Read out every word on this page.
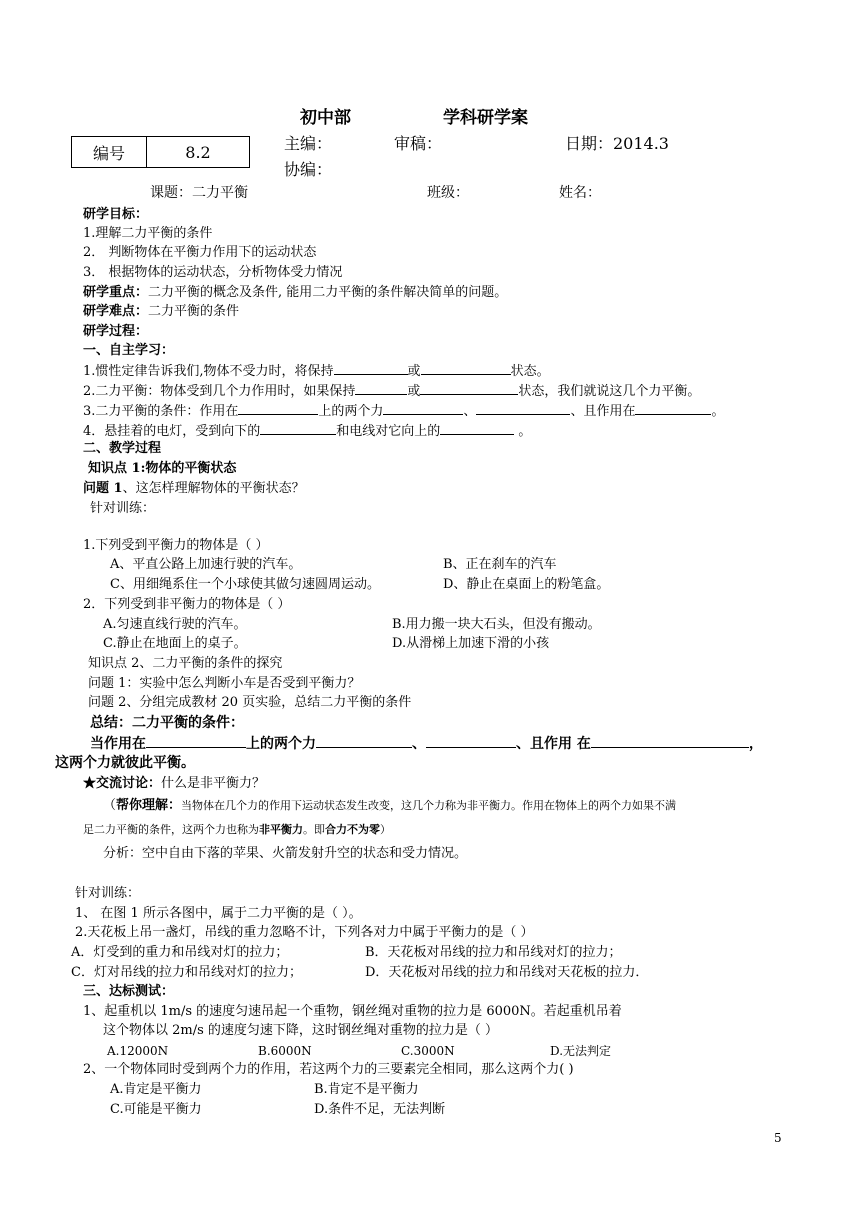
初中部	学科研学案
编号	8.2	主编：	审稿：	日期：2014.3
协编：
课题：二力平衡	班级：	姓名：
研学目标：
1.理解二力平衡的条件
2． 判断物体在平衡力作用下的运动状态
3． 根据物体的运动状态，分析物体受力情况
研学重点：二力平衡的概念及条件, 能用二力平衡的条件解决简单的问题。
研学难点：二力平衡的条件
研学过程：
一、自主学习：
1.惯性定律告诉我们,物体不受力时，将保持	或	状态。
2.二力平衡：物体受到几个力作用时，如果保持	或	状态，我们就说这几个力平衡。
3.二力平衡的条件：作用在	上的两个力	、	、且作用在	。
4．悬挂着的电灯，受到向下的	和电线对它向上的	。
二、教学过程
知识点 1:物体的平衡状态
问题 1、这怎样理解物体的平衡状态？
针对训练：
1.下列受到平衡力的物体是（ ）
A、平直公路上加速行驶的汽车。	B、正在刹车的汽车
C、用细绳系住一个小球使其做匀速圆周运动。	D、静止在桌面上的粉笔盒。
2．下列受到非平衡力的物体是（ ）
A.匀速直线行驶的汽车。	B.用力搬一块大石头，但没有搬动。
C.静止在地面上的桌子。	D.从滑梯上加速下滑的小孩
知识点 2、二力平衡的条件的探究
问题 1：实验中怎么判断小车是否受到平衡力？
问题 2、分组完成教材 20 页实验，总结二力平衡的条件
总结：二力平衡的条件：
当作用在	上的两个力	、	、且作用 在	，
这两个力就彼此平衡。
★交流讨论：什么是非平衡力？
（帮你理解：当物体在几个力的作用下运动状态发生改变，这几个力称为非平衡力。作用在物体上的两个力如果不满
足二力平衡的条件，这两个力也称为非平衡力。即合力不为零）
分析：空中自由下落的苹果、火箭发射升空的状态和受力情况。
针对训练：
1、 在图 1 所示各图中，属于二力平衡的是（ ）。
2.天花板上吊一盏灯，吊线的重力忽略不计，下列各对力中属于平衡力的是（ ）
A．灯受到的重力和吊线对灯的拉力；	B．天花板对吊线的拉力和吊线对灯的拉力；
C．灯对吊线的拉力和吊线对灯的拉力；	D．天花板对吊线的拉力和吊线对天花板的拉力．
三、达标测试：
1、起重机以 1m/s 的速度匀速吊起一个重物，钢丝绳对重物的拉力是 6000N。若起重机吊着
这个物体以 2m/s 的速度匀速下降，这时钢丝绳对重物的拉力是（ ）
A.12000N	B.6000N	C.3000N	D.无法判定
2、一个物体同时受到两个力的作用，若这两个力的三要素完全相同，那么这两个力( )
A.肯定是平衡力	B.肯定不是平衡力
C.可能是平衡力	D.条件不足，无法判断
5
